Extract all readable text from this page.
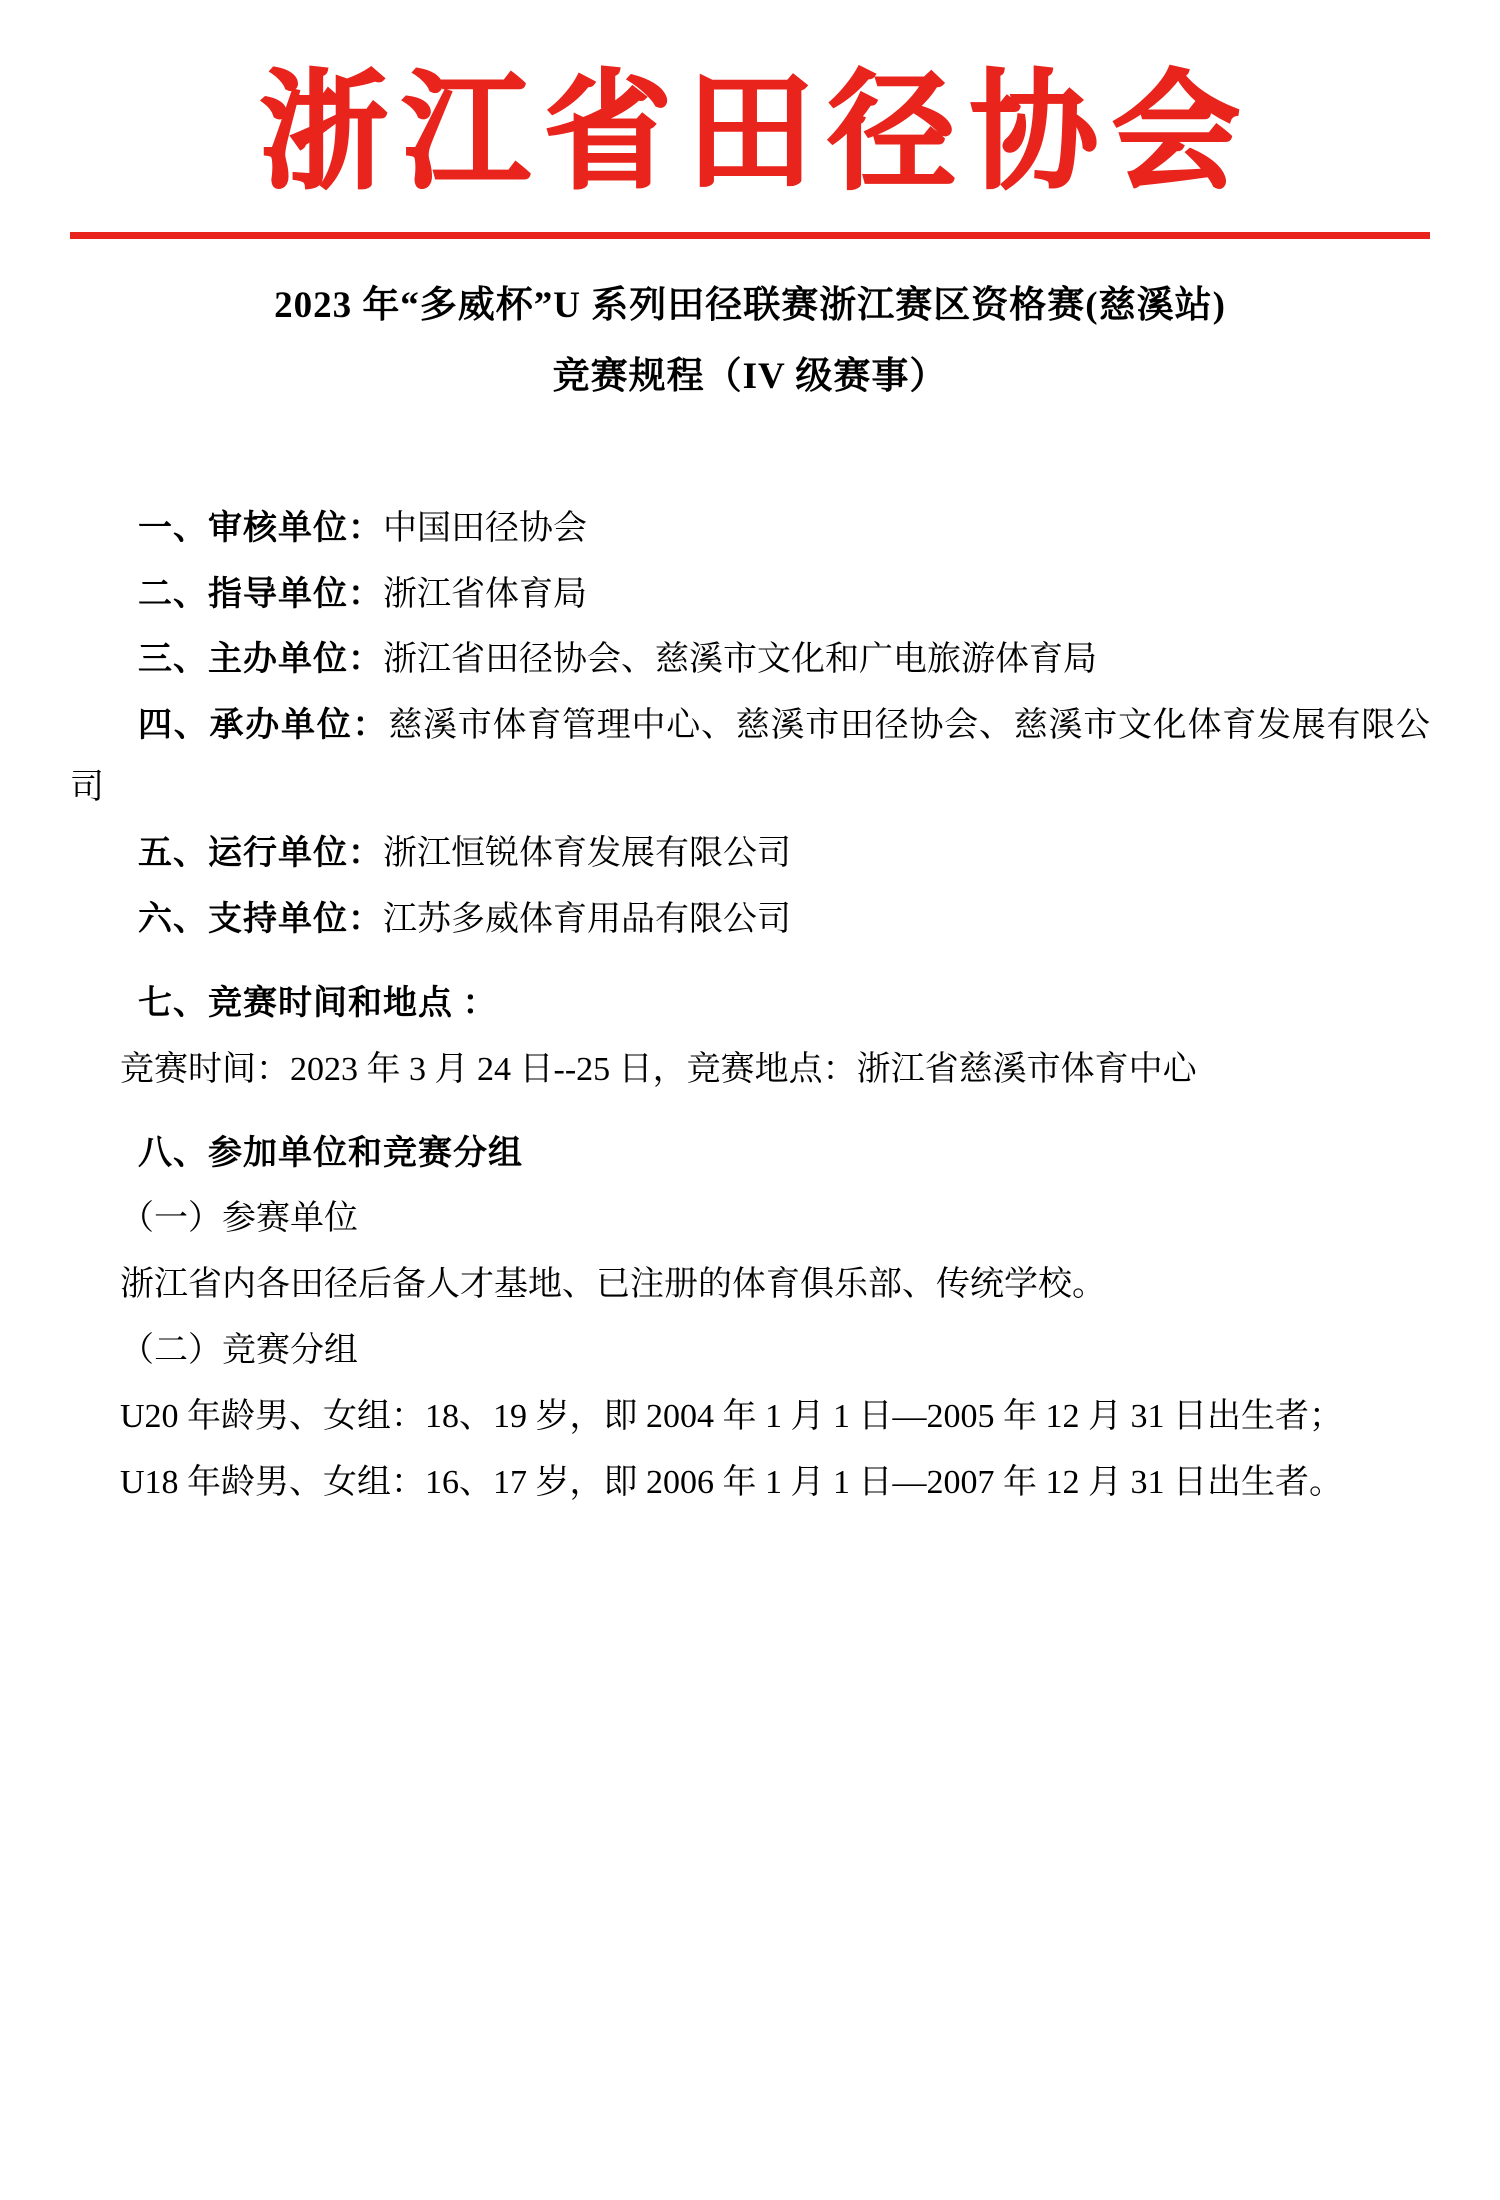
浙江省田径协会
2023 年“多威杯”U 系列田径联赛浙江赛区资格赛(慈溪站)
竞赛规程（IV 级赛事）

一、审核单位：中国田径协会

二、指导单位：浙江省体育局

三、主办单位：浙江省田径协会、慈溪市文化和广电旅游体育局

四、承办单位：慈溪市体育管理中心、慈溪市田径协会、慈溪市文化体育发展有限公司

五、运行单位：浙江恒锐体育发展有限公司

六、支持单位：江苏多威体育用品有限公司

七、竞赛时间和地点 ：

竞赛时间：2023 年 3 月 24 日--25 日，竞赛地点：浙江省慈溪市体育中心

八、参加单位和竞赛分组

（一）参赛单位

浙江省内各田径后备人才基地、已注册的体育俱乐部、传统学校。

（二）竞赛分组

U20 年龄男、女组：18、19 岁，即 2004 年 1 月 1 日—2005 年 12 月 31 日出生者；

U18 年龄男、女组：16、17 岁，即 2006 年 1 月 1 日—2007 年 12 月 31 日出生者。
